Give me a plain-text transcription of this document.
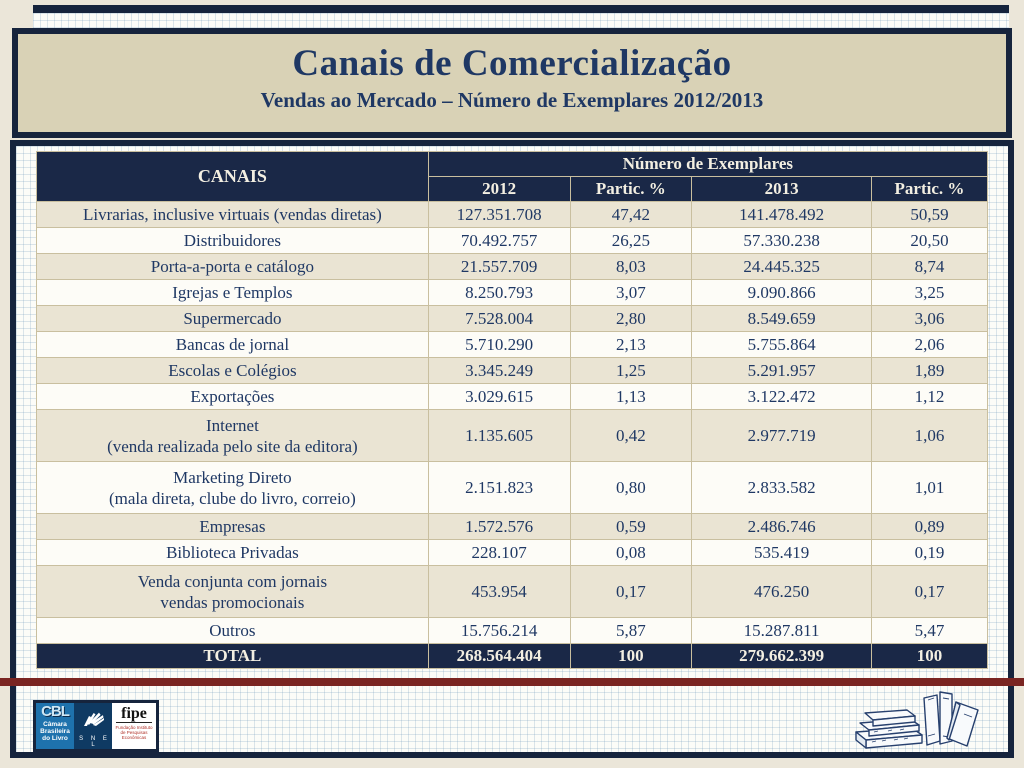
Canais de Comercialização
Vendas ao Mercado – Número de Exemplares 2012/2013
CANAIS	Número de Exemplares			
	2012	Partic. %	2013	Partic. %
Livrarias, inclusive virtuais (vendas diretas)	127.351.708	47,42	141.478.492	50,59
Distribuidores	70.492.757	26,25	57.330.238	20,50
Porta-a-porta e catálogo	21.557.709	8,03	24.445.325	8,74
Igrejas e Templos	8.250.793	3,07	9.090.866	3,25
Supermercado	7.528.004	2,80	8.549.659	3,06
Bancas de jornal	5.710.290	2,13	5.755.864	2,06
Escolas e Colégios	3.345.249	1,25	5.291.957	1,89
Exportações	3.029.615	1,13	3.122.472	1,12

Internet
(venda realizada pelo site da editora)	1.135.605	0,42	2.977.719	1,06

Marketing Direto
(mala direta, clube do livro, correio)	2.151.823	0,80	2.833.582	1,01
Empresas	1.572.576	0,59	2.486.746	0,89
Biblioteca Privadas	228.107	0,08	535.419	0,19

Venda conjunta com jornais
vendas promocionais	453.954	0,17	476.250	0,17
Outros	15.756.214	5,87	15.287.811	5,47
TOTAL	268.564.404	100	279.662.399	100
CBL
Câmara Brasileira do Livro	S N E L
fipe
Fundação Instituto de Pesquisas Econômicas
